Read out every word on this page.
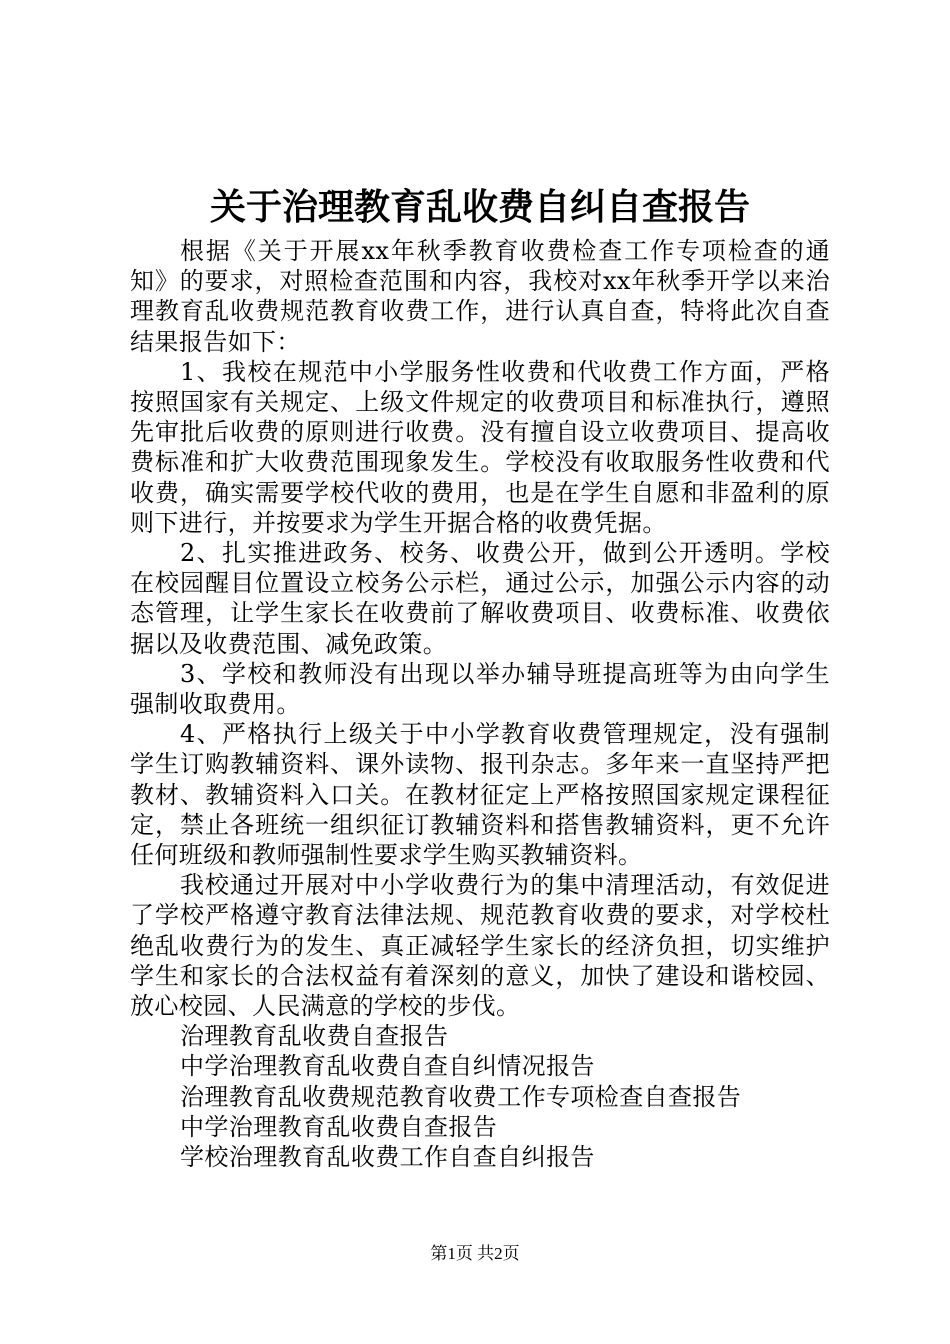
关于治理教育乱收费自纠自查报告

根据《关于开展xx年秋季教育收费检查工作专项检查的通知》的要求，对照检查范围和内容，我校对xx年秋季开学以来治理教育乱收费规范教育收费工作，进行认真自查，特将此次自查结果报告如下：

1、我校在规范中小学服务性收费和代收费工作方面，严格按照国家有关规定、上级文件规定的收费项目和标准执行，遵照先审批后收费的原则进行收费。没有擅自设立收费项目、提高收费标准和扩大收费范围现象发生。学校没有收取服务性收费和代收费，确实需要学校代收的费用，也是在学生自愿和非盈利的原则下进行，并按要求为学生开据合格的收费凭据。

2、扎实推进政务、校务、收费公开，做到公开透明。学校在校园醒目位置设立校务公示栏，通过公示，加强公示内容的动态管理，让学生家长在收费前了解收费项目、收费标准、收费依据以及收费范围、减免政策。

3、学校和教师没有出现以举办辅导班提高班等为由向学生强制收取费用。

4、严格执行上级关于中小学教育收费管理规定，没有强制学生订购教辅资料、课外读物、报刊杂志。多年来一直坚持严把教材、教辅资料入口关。在教材征定上严格按照国家规定课程征定，禁止各班统一组织征订教辅资料和搭售教辅资料，更不允许任何班级和教师强制性要求学生购买教辅资料。

我校通过开展对中小学收费行为的集中清理活动，有效促进了学校严格遵守教育法律法规、规范教育收费的要求，对学校杜绝乱收费行为的发生、真正减轻学生家长的经济负担，切实维护学生和家长的合法权益有着深刻的意义，加快了建设和谐校园、放心校园、人民满意的学校的步伐。

治理教育乱收费自查报告
中学治理教育乱收费自查自纠情况报告
治理教育乱收费规范教育收费工作专项检查自查报告
中学治理教育乱收费自查报告
学校治理教育乱收费工作自查自纠报告
第1页 共2页
